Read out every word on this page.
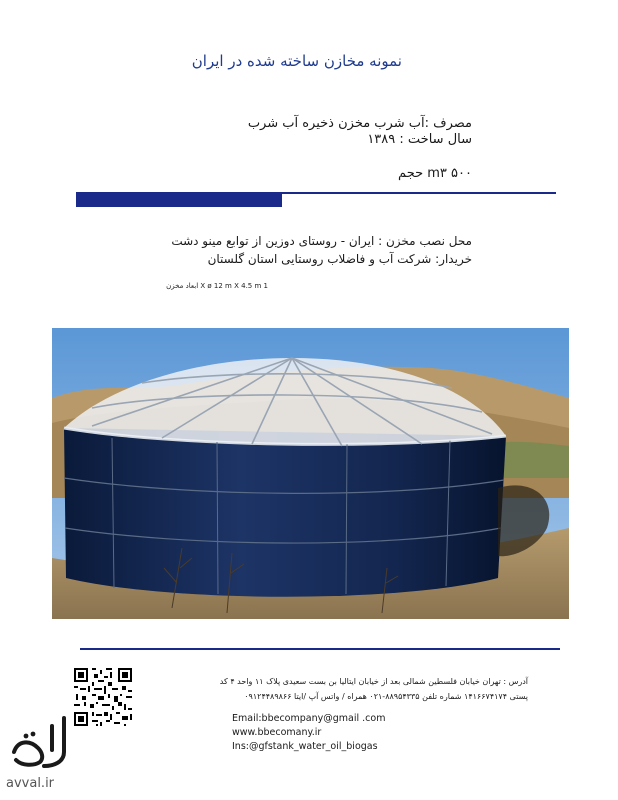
نمونه مخازن ساخته شده در ایران
مصرف :آب شرب مخزن ذخیره آب شرب
سال ساخت : ۱۳۸۹
m۳ ۵۰۰ حجم
محل نصب مخزن : ایران - روستای دوزین از توابع مینو دشت
خریدار: شرکت آب و فاضلاب روستایی استان گلستان
1 X ø 12 m X 4.5 m ابعاد مخزن
آدرس : تهران خیابان فلسطین شمالی بعد از خیابان ایتالیا بن بست سعیدی پلاک ۱۱ واحد ۴ کد
پستی ۱۴۱۶۶۷۴۱۷۴ شماره تلفن ۸۸۹۵۴۳۳۵-۰۲۱ همراه / واتس آپ /ایتا ۰۹۱۲۴۴۸۹۸۶۶
Email:bbecompany@gmail .com
www.bbecomany.ir
Ins:@gfstank_water_oil_biogas
تماوّل
avval.ir
